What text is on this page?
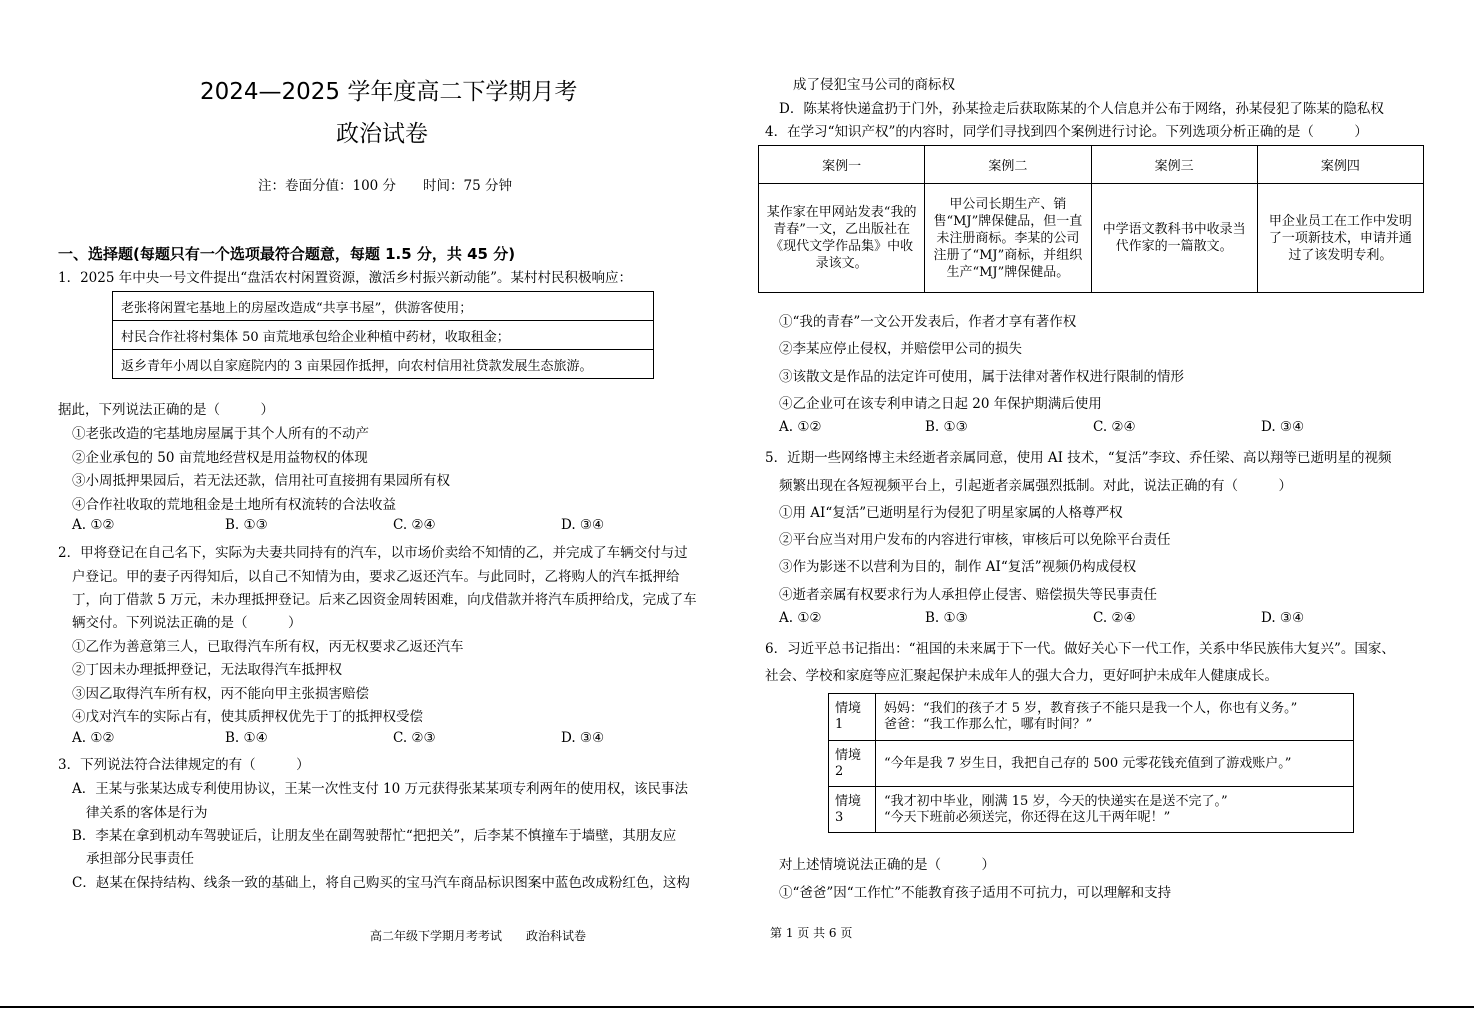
2024—2025 学年度高二下学期月考
政治试卷
注：卷面分值：100 分　　时间：75 分钟
一、选择题(每题只有一个选项最符合题意，每题 1.5 分，共 45 分)
1．2025 年中央一号文件提出“盘活农村闲置资源，激活乡村振兴新动能”。某村村民积极响应：
老张将闲置宅基地上的房屋改造成“共享书屋”，供游客使用；
村民合作社将村集体 50 亩荒地承包给企业种植中药材，收取租金；
返乡青年小周以自家庭院内的 3 亩果园作抵押，向农村信用社贷款发展生态旅游。
据此，下列说法正确的是（　　　）
①老张改造的宅基地房屋属于其个人所有的不动产
②企业承包的 50 亩荒地经营权是用益物权的体现
③小周抵押果园后，若无法还款，信用社可直接拥有果园所有权
④合作社收取的荒地租金是土地所有权流转的合法收益
A. ①②	B. ①③	C. ②④	D. ③④
2．甲将登记在自己名下，实际为夫妻共同持有的汽车，以市场价卖给不知情的乙，并完成了车辆交付与过
户登记。甲的妻子丙得知后，以自己不知情为由，要求乙返还汽车。与此同时，乙将购人的汽车抵押给
丁，向丁借款 5 万元，未办理抵押登记。后来乙因资金周转困难，向戊借款并将汽车质押给戊，完成了车
辆交付。下列说法正确的是（　　　）
①乙作为善意第三人，已取得汽车所有权，丙无权要求乙返还汽车
②丁因未办理抵押登记，无法取得汽车抵押权
③因乙取得汽车所有权，丙不能向甲主张损害赔偿
④戊对汽车的实际占有，使其质押权优先于丁的抵押权受偿
A. ①②	B. ①④	C. ②③	D. ③④
3．下列说法符合法律规定的有（　　　）
A．王某与张某达成专利使用协议，王某一次性支付 10 万元获得张某某项专利两年的使用权，该民事法
律关系的客体是行为
B．李某在拿到机动车驾驶证后，让朋友坐在副驾驶帮忙“把把关”，后李某不慎撞车于墙壁，其朋友应
承担部分民事责任
C．赵某在保持结构、线条一致的基础上，将自己购买的宝马汽车商品标识图案中蓝色改成粉红色，这构
高二年级下学期月考考试　　政治科试卷	第 1 页 共 6 页
成了侵犯宝马公司的商标权
D．陈某将快递盒扔于门外，孙某捡走后获取陈某的个人信息并公布于网络，孙某侵犯了陈某的隐私权
4．在学习“知识产权”的内容时，同学们寻找到四个案例进行讨论。下列选项分析正确的是（　　　）
案例一	案例二	案例三	案例四
某作家在甲网站发表“我的青春”一文，乙出版社在《现代文学作品集》中收录该文。	甲公司长期生产、销售“MJ”牌保健品，但一直未注册商标。李某的公司注册了“MJ”商标，并组织生产“MJ”牌保健品。	中学语文教科书中收录当代作家的一篇散文。	甲企业员工在工作中发明了一项新技术，申请并通过了该发明专利。
①“我的青春”一文公开发表后，作者才享有著作权
②李某应停止侵权，并赔偿甲公司的损失
③该散文是作品的法定许可使用，属于法律对著作权进行限制的情形
④乙企业可在该专利申请之日起 20 年保护期满后使用
A. ①②	B. ①③	C. ②④	D. ③④
5．近期一些网络博主未经逝者亲属同意，使用 AI 技术，“复活”李玟、乔任梁、高以翔等已逝明星的视频
频繁出现在各短视频平台上，引起逝者亲属强烈抵制。对此，说法正确的有（　　　）
①用 AI“复活”已逝明星行为侵犯了明星家属的人格尊严权
②平台应当对用户发布的内容进行审核，审核后可以免除平台责任
③作为影迷不以营利为目的，制作 AI“复活”视频仍构成侵权
④逝者亲属有权要求行为人承担停止侵害、赔偿损失等民事责任
A. ①②	B. ①③	C. ②④	D. ③④
6．习近平总书记指出：“祖国的未来属于下一代。做好关心下一代工作，关系中华民族伟大复兴”。国家、
社会、学校和家庭等应汇聚起保护未成年人的强大合力，更好呵护未成年人健康成长。
情境
1	妈妈：“我们的孩子才 5 岁，教育孩子不能只是我一个人，你也有义务。”
爸爸：“我工作那么忙，哪有时间？”
情境
2	“今年是我 7 岁生日，我把自己存的 500 元零花钱充值到了游戏账户。”
情境
3	“我才初中毕业，刚满 15 岁，今天的快递实在是送不完了。”
“今天下班前必须送完，你还得在这儿干两年呢！”
对上述情境说法正确的是（　　　）
①“爸爸”因“工作忙”不能教育孩子适用不可抗力，可以理解和支持
